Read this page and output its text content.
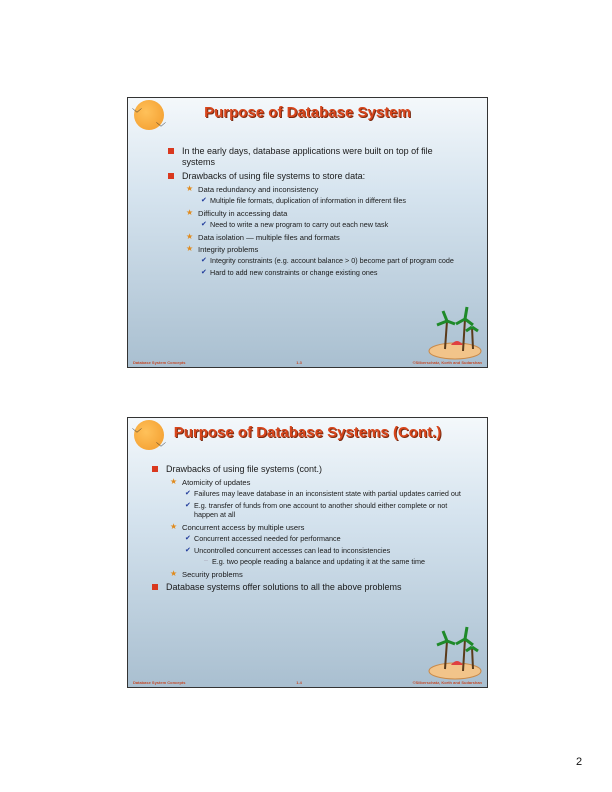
﹀
﹀
Purpose of Database System
In the early days, database applications were built on top of file systems
Drawbacks of using file systems to store data:
★ Data redundancy and inconsistency
✔ Multiple file formats, duplication of information in different files
★ Difficulty in accessing data
✔ Need to write a new program to carry out each new task
★ Data isolation — multiple files and formats
★ Integrity problems
✔ Integrity constraints (e.g. account balance > 0) become part of program code
✔ Hard to add new constraints or change existing ones
Database System Concepts	1.3	©Silberschatz, Korth and Sudarshan
﹀
﹀
Purpose of Database Systems (Cont.)
Drawbacks of using file systems (cont.)
★ Atomicity of updates
✔ Failures may leave database in an inconsistent state with partial updates carried out
✔ E.g. transfer of funds from one account to another should either complete or not happen at all
★ Concurrent access by multiple users
✔ Concurrent accessed needed for performance
✔ Uncontrolled concurrent accesses can lead to inconsistencies
– E.g. two people reading a balance and updating it at the same time
★ Security problems
Database systems offer solutions to all the above problems
Database System Concepts	1.4	©Silberschatz, Korth and Sudarshan
2
